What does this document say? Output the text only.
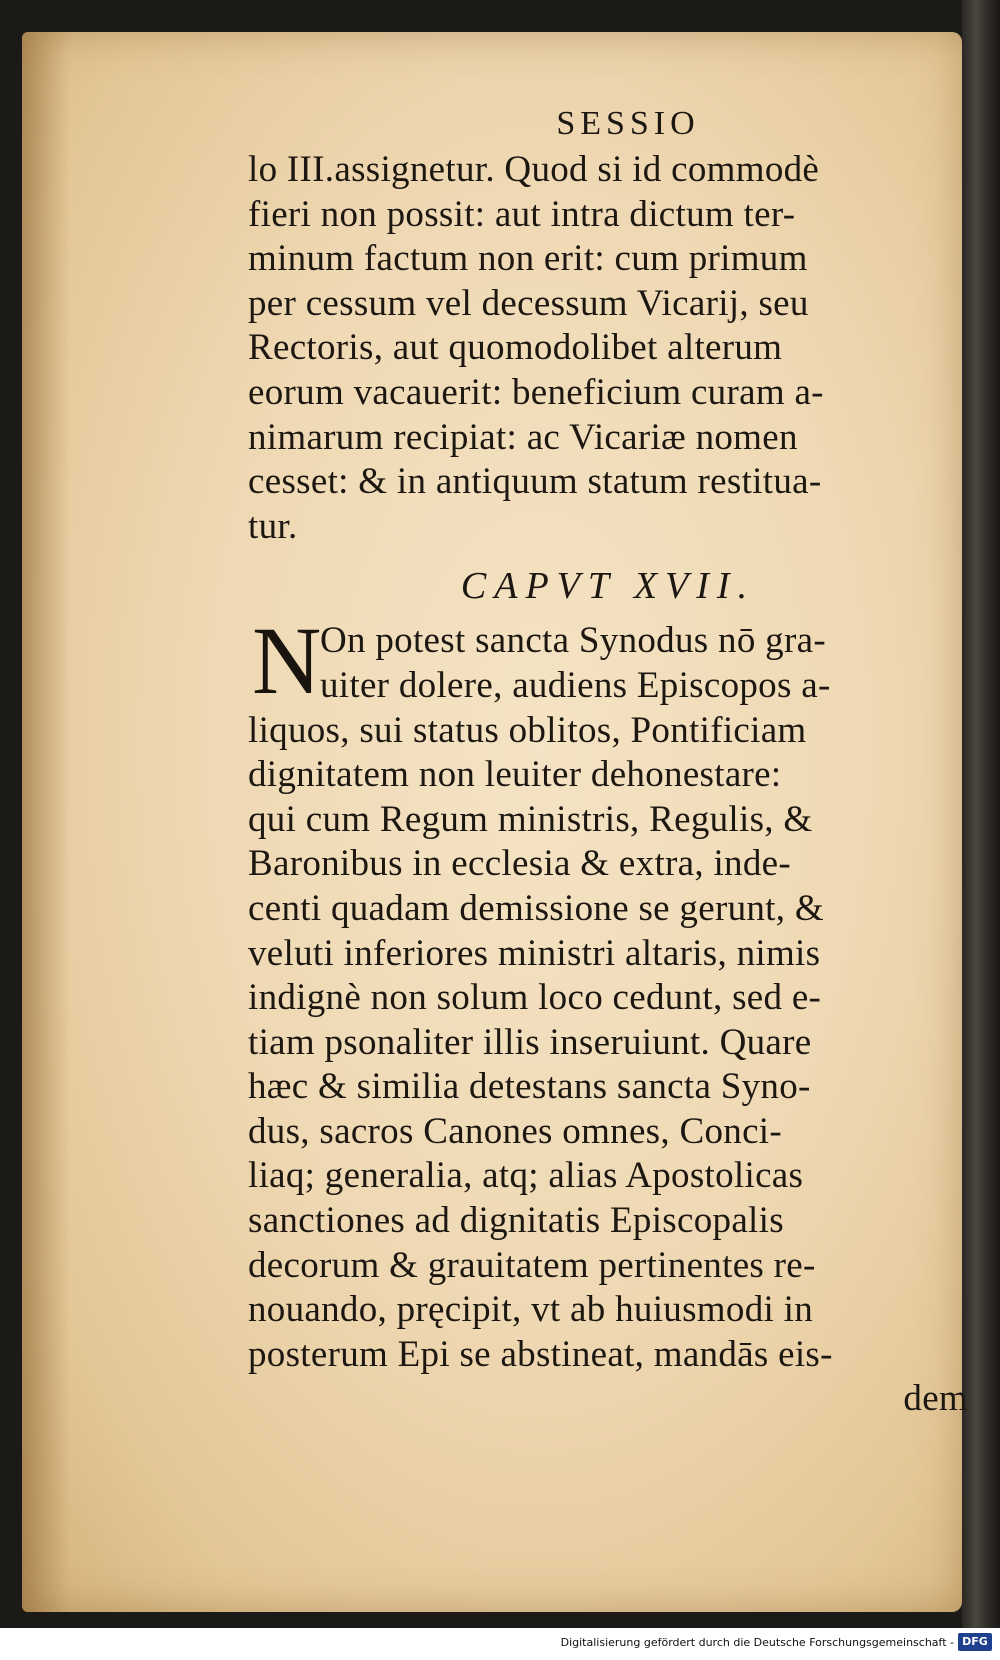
SESSIO
lo III.assignetur. Quod si id commodè
fieri non possit: aut intra dictum ter-
minum factum non erit: cum primum
per cessum vel decessum Vicarij, seu
Rectoris, aut quomodolibet alterum
eorum vacauerit: beneficium curam a-
nimarum recipiat: ac Vicariæ nomen
cesset: & in antiquum statum restitua-
tur.
CAPVT XVII.
N
On potest sancta Synodus nō gra-
uiter dolere, audiens Episcopos a-
liquos, sui status oblitos, Pontificiam
dignitatem non leuiter dehonestare:
qui cum Regum ministris, Regulis, &
Baronibus in ecclesia & extra, inde-
centi quadam demissione se gerunt, &
veluti inferiores ministri altaris, nimis
indignè non solum loco cedunt, sed e-
tiam psonaliter illis inseruiunt. Quare
hæc & similia detestans sancta Syno-
dus, sacros Canones omnes, Conci-
liaq; generalia, atq; alias Apostolicas
sanctiones ad dignitatis Episcopalis
decorum & grauitatem pertinentes re-
nouando, pręcipit, vt ab huiusmodi in
posterum Epi se abstineat, mandās eis-
dem
Digitalisierung gefördert durch die Deutsche Forschungsgemeinschaft - DFG
